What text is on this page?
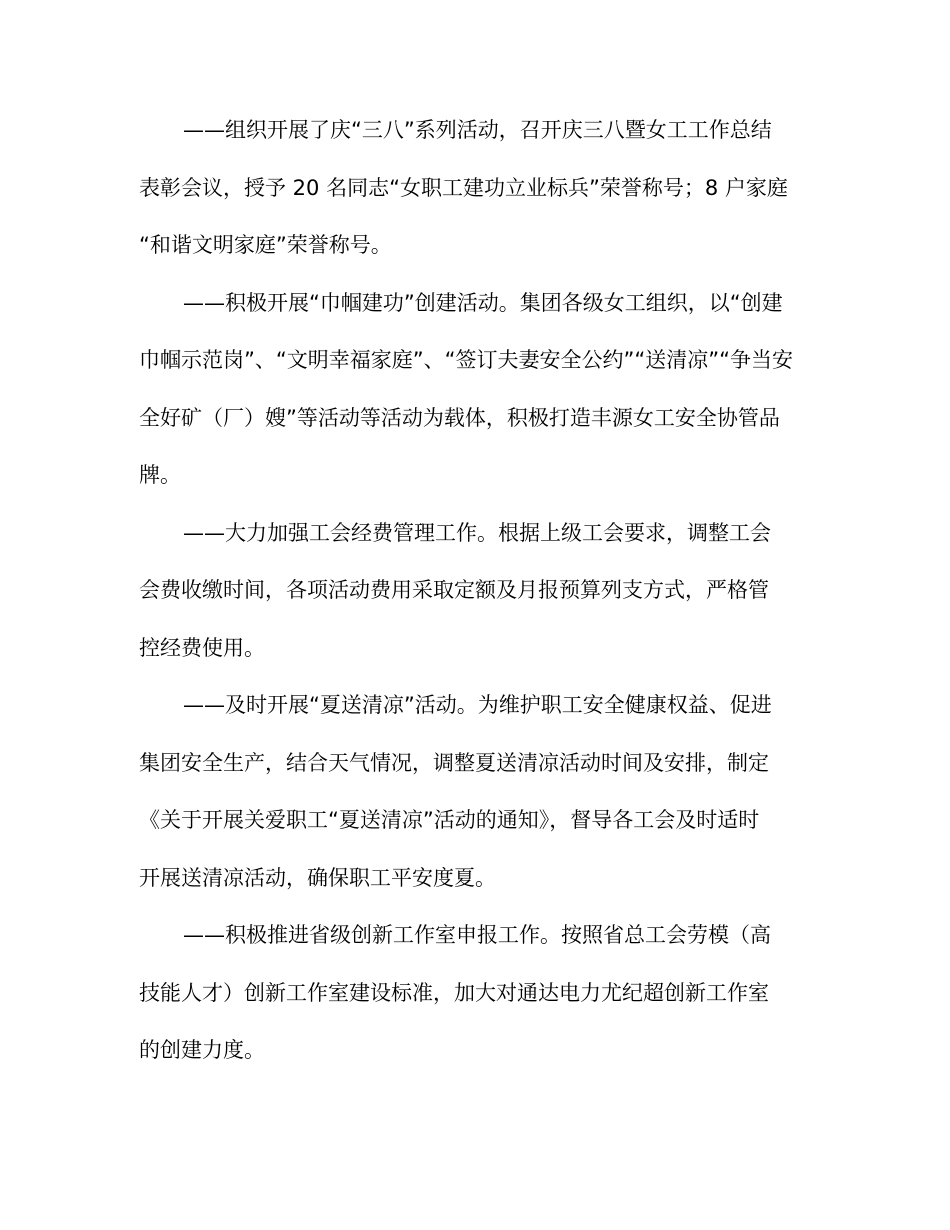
——组织开展了庆“三八”系列活动，召开庆三八暨女工工作总结
表彰会议，授予 20 名同志“女职工建功立业标兵”荣誉称号；8 户家庭
“和谐文明家庭”荣誉称号。

——积极开展“巾帼建功”创建活动。集团各级女工组织，以“创建
巾帼示范岗”、“文明幸福家庭”、“签订夫妻安全公约”“送清凉”“争当安
全好矿（厂）嫂”等活动等活动为载体，积极打造丰源女工安全协管品
牌。

——大力加强工会经费管理工作。根据上级工会要求，调整工会
会费收缴时间，各项活动费用采取定额及月报预算列支方式，严格管
控经费使用。

——及时开展“夏送清凉”活动。为维护职工安全健康权益、促进
集团安全生产，结合天气情况，调整夏送清凉活动时间及安排，制定
《关于开展关爱职工“夏送清凉”活动的通知》，督导各工会及时适时
开展送清凉活动，确保职工平安度夏。

——积极推进省级创新工作室申报工作。按照省总工会劳模（高
技能人才）创新工作室建设标准，加大对通达电力尤纪超创新工作室
的创建力度。
